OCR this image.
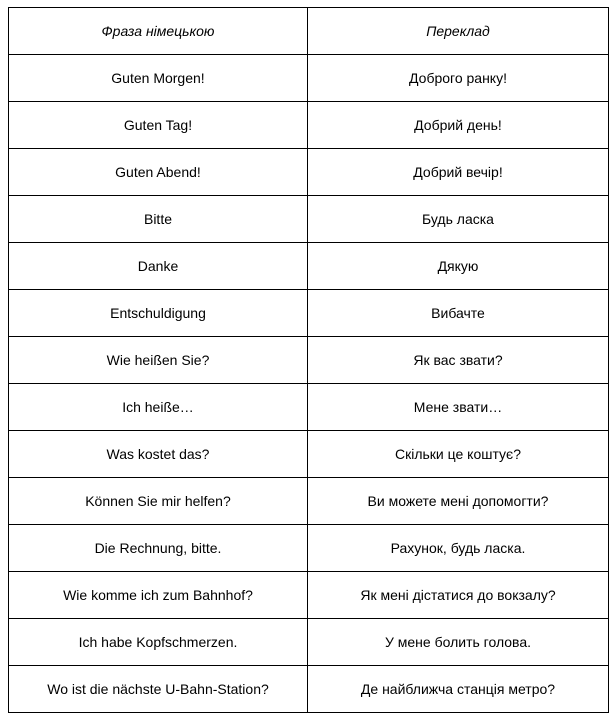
Фраза німецькою	Переклад
Guten Morgen!	Доброго ранку!
Guten Tag!	Добрий день!
Guten Abend!	Добрий вечір!
Bitte	Будь ласка
Danke	Дякую
Entschuldigung	Вибачте
Wie heißen Sie?	Як вас звати?
Ich heiße…	Мене звати…
Was kostet das?	Скільки це коштує?
Können Sie mir helfen?	Ви можете мені допомогти?
Die Rechnung, bitte.	Рахунок, будь ласка.
Wie komme ich zum Bahnhof?	Як мені дістатися до вокзалу?
Ich habe Kopfschmerzen.	У мене болить голова.
Wo ist die nächste U-Bahn-Station?	Де найближча станція метро?
